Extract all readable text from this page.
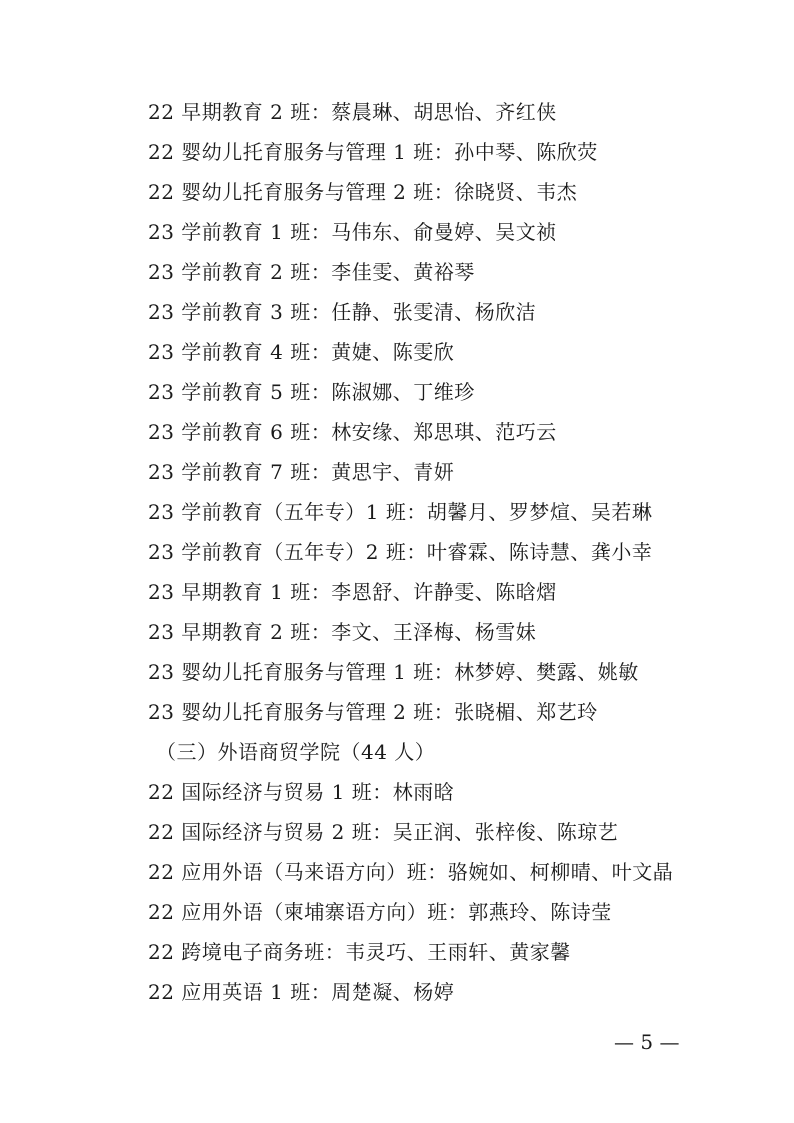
22 早期教育 2 班：蔡晨琳、胡思怡、齐红侠
22 婴幼儿托育服务与管理 1 班：孙中琴、陈欣荧
22 婴幼儿托育服务与管理 2 班：徐晓贤、韦杰
23 学前教育 1 班：马伟东、俞曼婷、吴文祯
23 学前教育 2 班：李佳雯、黄裕琴
23 学前教育 3 班：任静、张雯清、杨欣洁
23 学前教育 4 班：黄婕、陈雯欣
23 学前教育 5 班：陈淑娜、丁维珍
23 学前教育 6 班：林安缘、郑思琪、范巧云
23 学前教育 7 班：黄思宇、青妍
23 学前教育（五年专）1 班：胡馨月、罗梦煊、吴若琳
23 学前教育（五年专）2 班：叶睿霖、陈诗慧、龚小幸
23 早期教育 1 班：李恩舒、许静雯、陈晗熠
23 早期教育 2 班：李文、王泽梅、杨雪妹
23 婴幼儿托育服务与管理 1 班：林梦婷、樊露、姚敏
23 婴幼儿托育服务与管理 2 班：张晓楣、郑艺玲
（三）外语商贸学院（44 人）
22 国际经济与贸易 1 班：林雨晗
22 国际经济与贸易 2 班：吴正润、张梓俊、陈琼艺
22 应用外语（马来语方向）班：骆婉如、柯柳晴、叶文晶
22 应用外语（柬埔寨语方向）班：郭燕玲、陈诗莹
22 跨境电子商务班：韦灵巧、王雨轩、黄家馨
22 应用英语 1 班：周楚凝、杨婷
— 5 —
